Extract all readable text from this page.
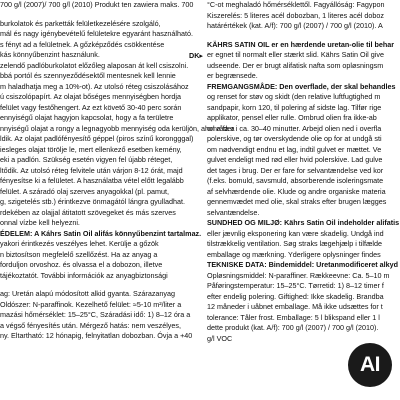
700 g/l (2007)/ 700 g/l (2010) Produkt ten zawiera maks. 700
burkolatok és parketták felületkezelésére szolgáló,
mál és nagy igénybevételű felületekre egyaránt használható.
s fényt ad a felületnek. A gőzképződés csökkentése
kás könnyűbenzint használunk.
zelendő padlóburkolatot előzőleg alaposan át kell csiszolni.
bbá portól és szennyeződésektől mentesnek kell lennie
m haladhatja meg a 10%-ot). Az utolsó réteg csiszolásához
ú csiszolópapírt. Az olajat bőséges mennyiségben hordja
felület vagy festőhengert. Az ezt követő 30-40 perc során
ennyiségű olajat hagyjon kapcsolat, hogy a fa területre
nnyiségű olajat a rongy a legnagyobb mennyiség oda kerüljön, ahol a fa a
ldik. Az olajat padlófényesítő géppel (piros színű korongggal)
iesleges olajat törölje le, mert ellenkező esetben kemény,
eki a padlón. Szükség esetén vigyen fel újabb réteget,
ltődik. Az utolsó réteg felvitele után várjon 8-12 órát, majd
fényesítse ki a felületet. A használatba vétel előtt legalább
felület. A száradó olaj szerves anyagokkal (pl. pamut,
g, szigetelés stb.) érintkezve önmagától lángra gyulladhat.
rdekében az olajjal átitatott szövegeket és más szerves
onnal vízbe kell helyezni.
ÉDELEM: A Káhrs Satin Oil alifás könnyűbenzint tartalmaz.
yakori érintkezés veszélyes lehet. Kerülje a gőzök
n biztosítson megfelelő szellőzést. Ha az anyag a
forduljon orvoshoz. és olvassa el a dobozon, illetve
tájékoztatót. További információk az anyagbiztonsági
ag: Uretán alapú módosított alkid gyanta. Szárazanyag
Oldószer: N-paraffinok. Kezelhető felület: ≈5-10 m²/liter a
mazási hőmérséklet: 15–25°C, Száradási idő: 1) 8–12 óra a
a végső fényesítés után. Mérgező hatás: nem veszélyes,
ny. Eltartható: 12 hónapig, felnyitatlan dobozban. Óvja a +40
DK▸
°C-ot meghaladó hőmérséklettől. Fagyállóság: Fagypon
Kiszerelés: 5 literes acél dobozban, 1 literes acél doboz
határértékek (kat. A/f): 700 g/l (2007) / 700 g/l (2010). A
KÄHRS SATIN OIL er en hærdende uretan-olie til behar
er egnet til normalt eller stærkt slid. Kährs Satin Oil give
udseende. Der er brugt alifatisk nafta som opløsningsm
er begrænsede.
FREMGANGSMÅDE: Den overflade, der skal behandles
og renset for støv og skidt (den relative luftfugtighed m
sandpapir, korn 120, til polering af sidste lag. Tilfør rige
applikator, pensel eller rulle. Ombrud olien fra ikke-ab
områder i ca. 30–40 minutter. Arbejd olien ned i overfla
polerskive, og tør overskydende olie op for at undgå sti
om nødvendigt endnu et lag, indtil gulvet er mættet. Ve
gulvet endeligt med rød eller hvid polerskive. Lad gulve
det tages i brug. Der er fare for selvantændelse ved kor
(f.eks. bomuld, savsmuld, absorberende isoleringsmate
af selvhærdende olie. Klude og andre organiske materia
gennemvædet med olie, skal straks efter brugen lægges
selvantændelse.
SUNDHED OG MILJØ: Kährs Satin Oil indeholder alifatis
eller jævnlig eksponering kan være skadelig. Undgå ind
tilstrækkelig ventilation. Søg straks lægehjælp i tilfælde
emballage og mærkning. Yderligere oplysninger findes
TEKNISKE DATA: Bindemiddel: Uretanmodificeret alkyd
Opløsningsmiddel: N-paraffiner. Rækkeevne: Ca. 5–10 m
Påføringstemperatur: 15–25°C. Tørretid: 1) 8–12 timer f
efter endelig polering. Giftighed: Ikke skadelig. Brandba
12 måneder i uåbnet emballage. Må ikke udsættes for t
tolerance: Tåler frost. Emballage: 5 l blikspand eller 1 l
dette produkt (kat. A/f): 700 g/l (2007) / 700 g/l (2010).
g/l VOC
AI
